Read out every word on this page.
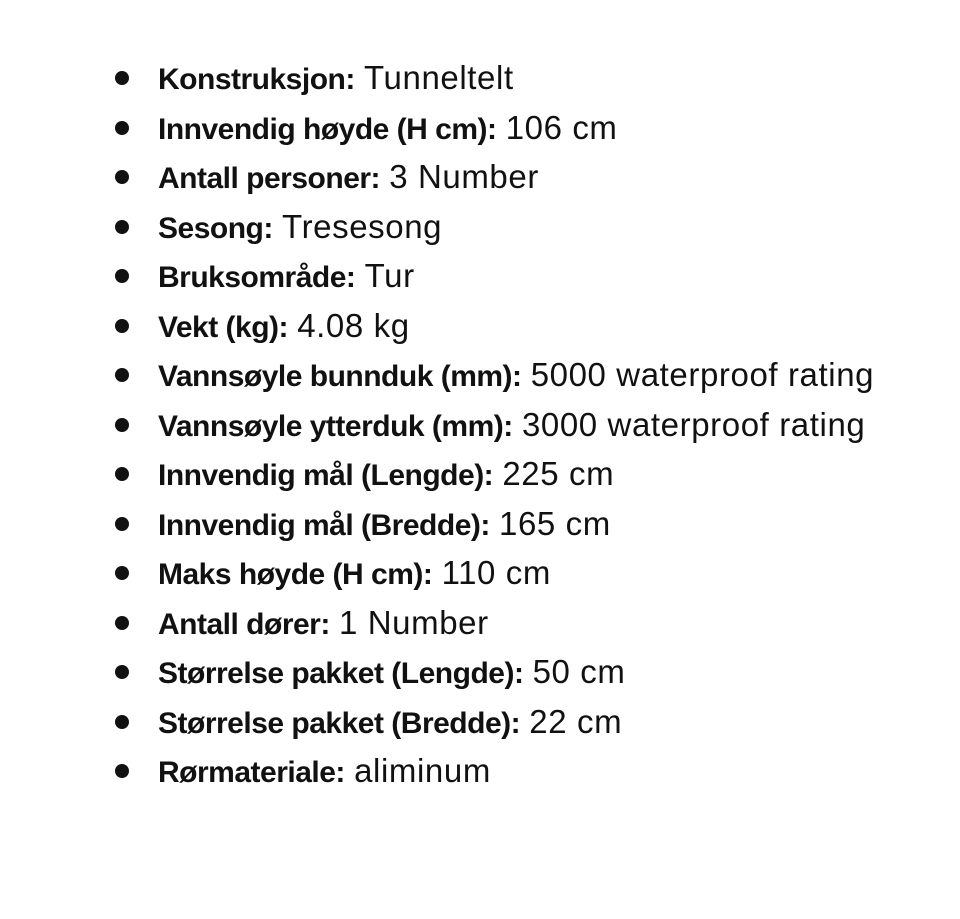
Konstruksjon: Tunneltelt
Innvendig høyde (H cm): 106 cm
Antall personer: 3 Number
Sesong: Tresesong
Bruksområde: Tur
Vekt (kg): 4.08 kg
Vannsøyle bunnduk (mm): 5000 waterproof rating
Vannsøyle ytterduk (mm): 3000 waterproof rating
Innvendig mål (Lengde): 225 cm
Innvendig mål (Bredde): 165 cm
Maks høyde (H cm): 110 cm
Antall dører: 1 Number
Størrelse pakket (Lengde): 50 cm
Størrelse pakket (Bredde): 22 cm
Rørmateriale: aliminum
